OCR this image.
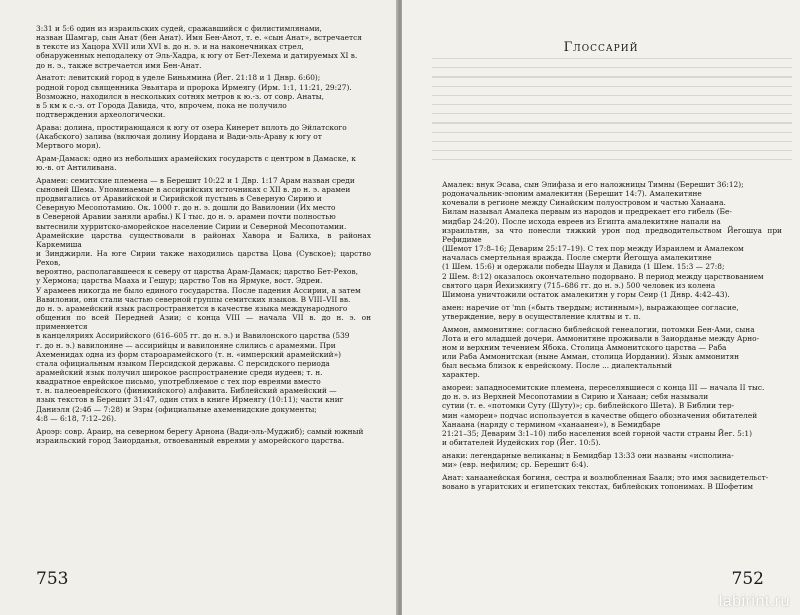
3:31 и 5:6 один из израильских судей, сражавшийся с филистимлянами,
назван Шамгар, сын Анат (бен Анат). Имя Бен-Анот, т. е. «сын Анат», встречается
в тексте из Хацора XVII или XVI в. до н. э. и на наконечниках стрел,
обнаруженных неподалеку от Эль-Хадра, к югу от Бет-Лехема и датируемых XI в.
до н. э., также встречается имя Бен-Анат.
Анатот: левитский город в уделе Биньямина (Йег. 21:18 и 1 Днвр. 6:60);
родной город священника Эвьятара и пророка Ирмеягу (Ирм. 1:1, 11:21, 29:27).
Возможно, находился в нескольких сотнях метров к ю.-з. от совр. Анаты,
в 5 км к с.-з. от Города Давида, что, впрочем, пока не получило
подтверждения археологически.
Арава: долина, простирающаяся к югу от озера Кинерет вплоть до Эйлатского
(Акабского) залива (включая долину Иордана и Вади-эль-Араву к югу от
Мертвого моря).
Арам-Дамаск: одно из небольших арамейских государств с центром в Дамаске, к
ю.-в. от Антиливана.
Арамеи: семитские племена — в Берешит 10:22 и 1 Двр. 1:17 Арам назван среди
сыновей Шема. Упоминаемые в ассирийских источниках с XII в. до н. э. арамеи
продвигались от Аравийской и Сирийской пустынь в Северную Сирию и
Северную Месопотамию. Ок. 1000 г. до н. э. дошли до Вавилонии (Их место
в Северной Аравии заняли арабы.) К I тыс. до н. э. арамеи почти полностью
вытеснили хурритско-аморейское население Сирии и Северной Месопотамии.
Арамейские царства существовали в районах Хавора и Балиха, в районах Каркемиша
и Зинджирли. На юге Сирии также находились царства Цова (Сувское); царство Рехов,
вероятно, располагавшееся к северу от царства Арам-Дамаск; царство Бет-Рехов,
у Хермона; царства Мааха и Гешур; царство Тов на Ярмуке, вост. Эдреи.
У арамеев никогда не было единого государства. После падения Ассирии, а затем
Вавилонии, они стали частью северной группы семитских языков. В VIII–VII вв.
до н. э. арамейский язык распространяется в качестве языка международного
общения по всей Передней Азии; с конца VIII — начала VII в. до н. э. он применяется
в канцеляриях Ассирийского (616–605 гг. до н. э.) и Вавилонского царства (539
г. до н. э.) вавилоняне — ассирийцы и вавилоняне слились с арамеями. При
Ахеменидах одна из форм староарамейского (т. н. «имперский арамейский»)
стала официальным языком Персидской державы. С персидского периода
арамейский язык получил широкое распространение среди иудеев; т. н.
квадратное еврейское письмо, употребляемое с тех пор евреями вместо
т. н. палеоеврейского (финикийского) алфавита. Библейский арамейский —
язык текстов в Берешит 31:47, один стих в книге Ирмеягу (10:11); части книг
Даниэля (2:4б — 7:28) и Эзры (официальные ахеменидские документы;
4:8 — 6:18, 7:12–26).
Ароэр: совр. Араир, на северном берегу Арнона (Вади-эль-Муджиб); самый южный
израильский город Заиорданья, отвоеванный евреями у аморейского царства.
753
Глоссарий
Амалек: внук Эсава, сын Элифаза и его наложницы Тимны (Берешит 36:12);
родоначальник-эпоним амалекитян (Берешит 14:7). Амалекитяне
кочевали в регионе между Синайским полуостровом и частью Ханаана.
Билам называл Амалека первым из народов и предрекает его гибель (Бе-
мидбар 24:20). После исхода евреев из Египта амалекитяне напали на
израильтян, за что понесли тяжкий урон под предводительством Йегошуа при Рефидиме
(Шемот 17:8–16; Деварим 25:17–19). С тех пор между Израилем и Амалеком
началась смертельная вражда. После смерти Йегошуа амалекитяне
(1 Шем. 15:6) и одержали победы Шауля и Давида (1 Шем. 15:3 — 27:8;
2 Шем. 8:12) оказалось окончательно подорвано. В период между царствованием
святого царя Йехизкиягу (715–686 гг. до н. э.) 500 человек из колена
Шимона уничтожили остаток амалекитян у горы Сеир (1 Днвр. 4:42–43).
амен: наречие от 'mn («быть твердым; истинным»), выражающее согласие,
утверждение, веру в осуществление клятвы и т. п.
Аммон, аммонитяне: согласно библейской генеалогии, потомки Бен-Ами, сына
Лота и его младшей дочери. Аммонитяне проживали в Заиорданье между Арно-
ном и верхним течением Ябока. Столица Аммонитского царства — Раба
или Раба Аммонитская (ныне Амман, столица Иордании). Язык аммонитян
был весьма близок к еврейскому. После ... диалектальный
характер.
амореи: западносемитские племена, переселявшиеся с конца III — начала II тыс.
до н. э. из Верхней Месопотамии в Сирию и Ханаан; себя называли
сутии (т. е. «потомки Суту (Шуту)»; ср. библейского Шета). В Библии тер-
мин «амореи» подчас используется в качестве общего обозначения обитателей
Ханаана (наряду с термином «ханаанеи»), в Бемидбаре
21:21–35; Деварим 3:1–10) либо населения всей горной части страны Йег. 5:1)
и обитателей Иудейских гор (Йег. 10:5).
анаки: легендарные великаны; в Бемидбар 13:33 они названы «исполина-
ми» (евр. нефилим; ср. Берешит 6:4).
Анат: ханаанейская богиня, сестра и возлюбленная Бааля; это имя засвидетельст-
вовано в угаритских и египетских текстах, библейских топонимах. В Шофетим
752
labirint.ru
